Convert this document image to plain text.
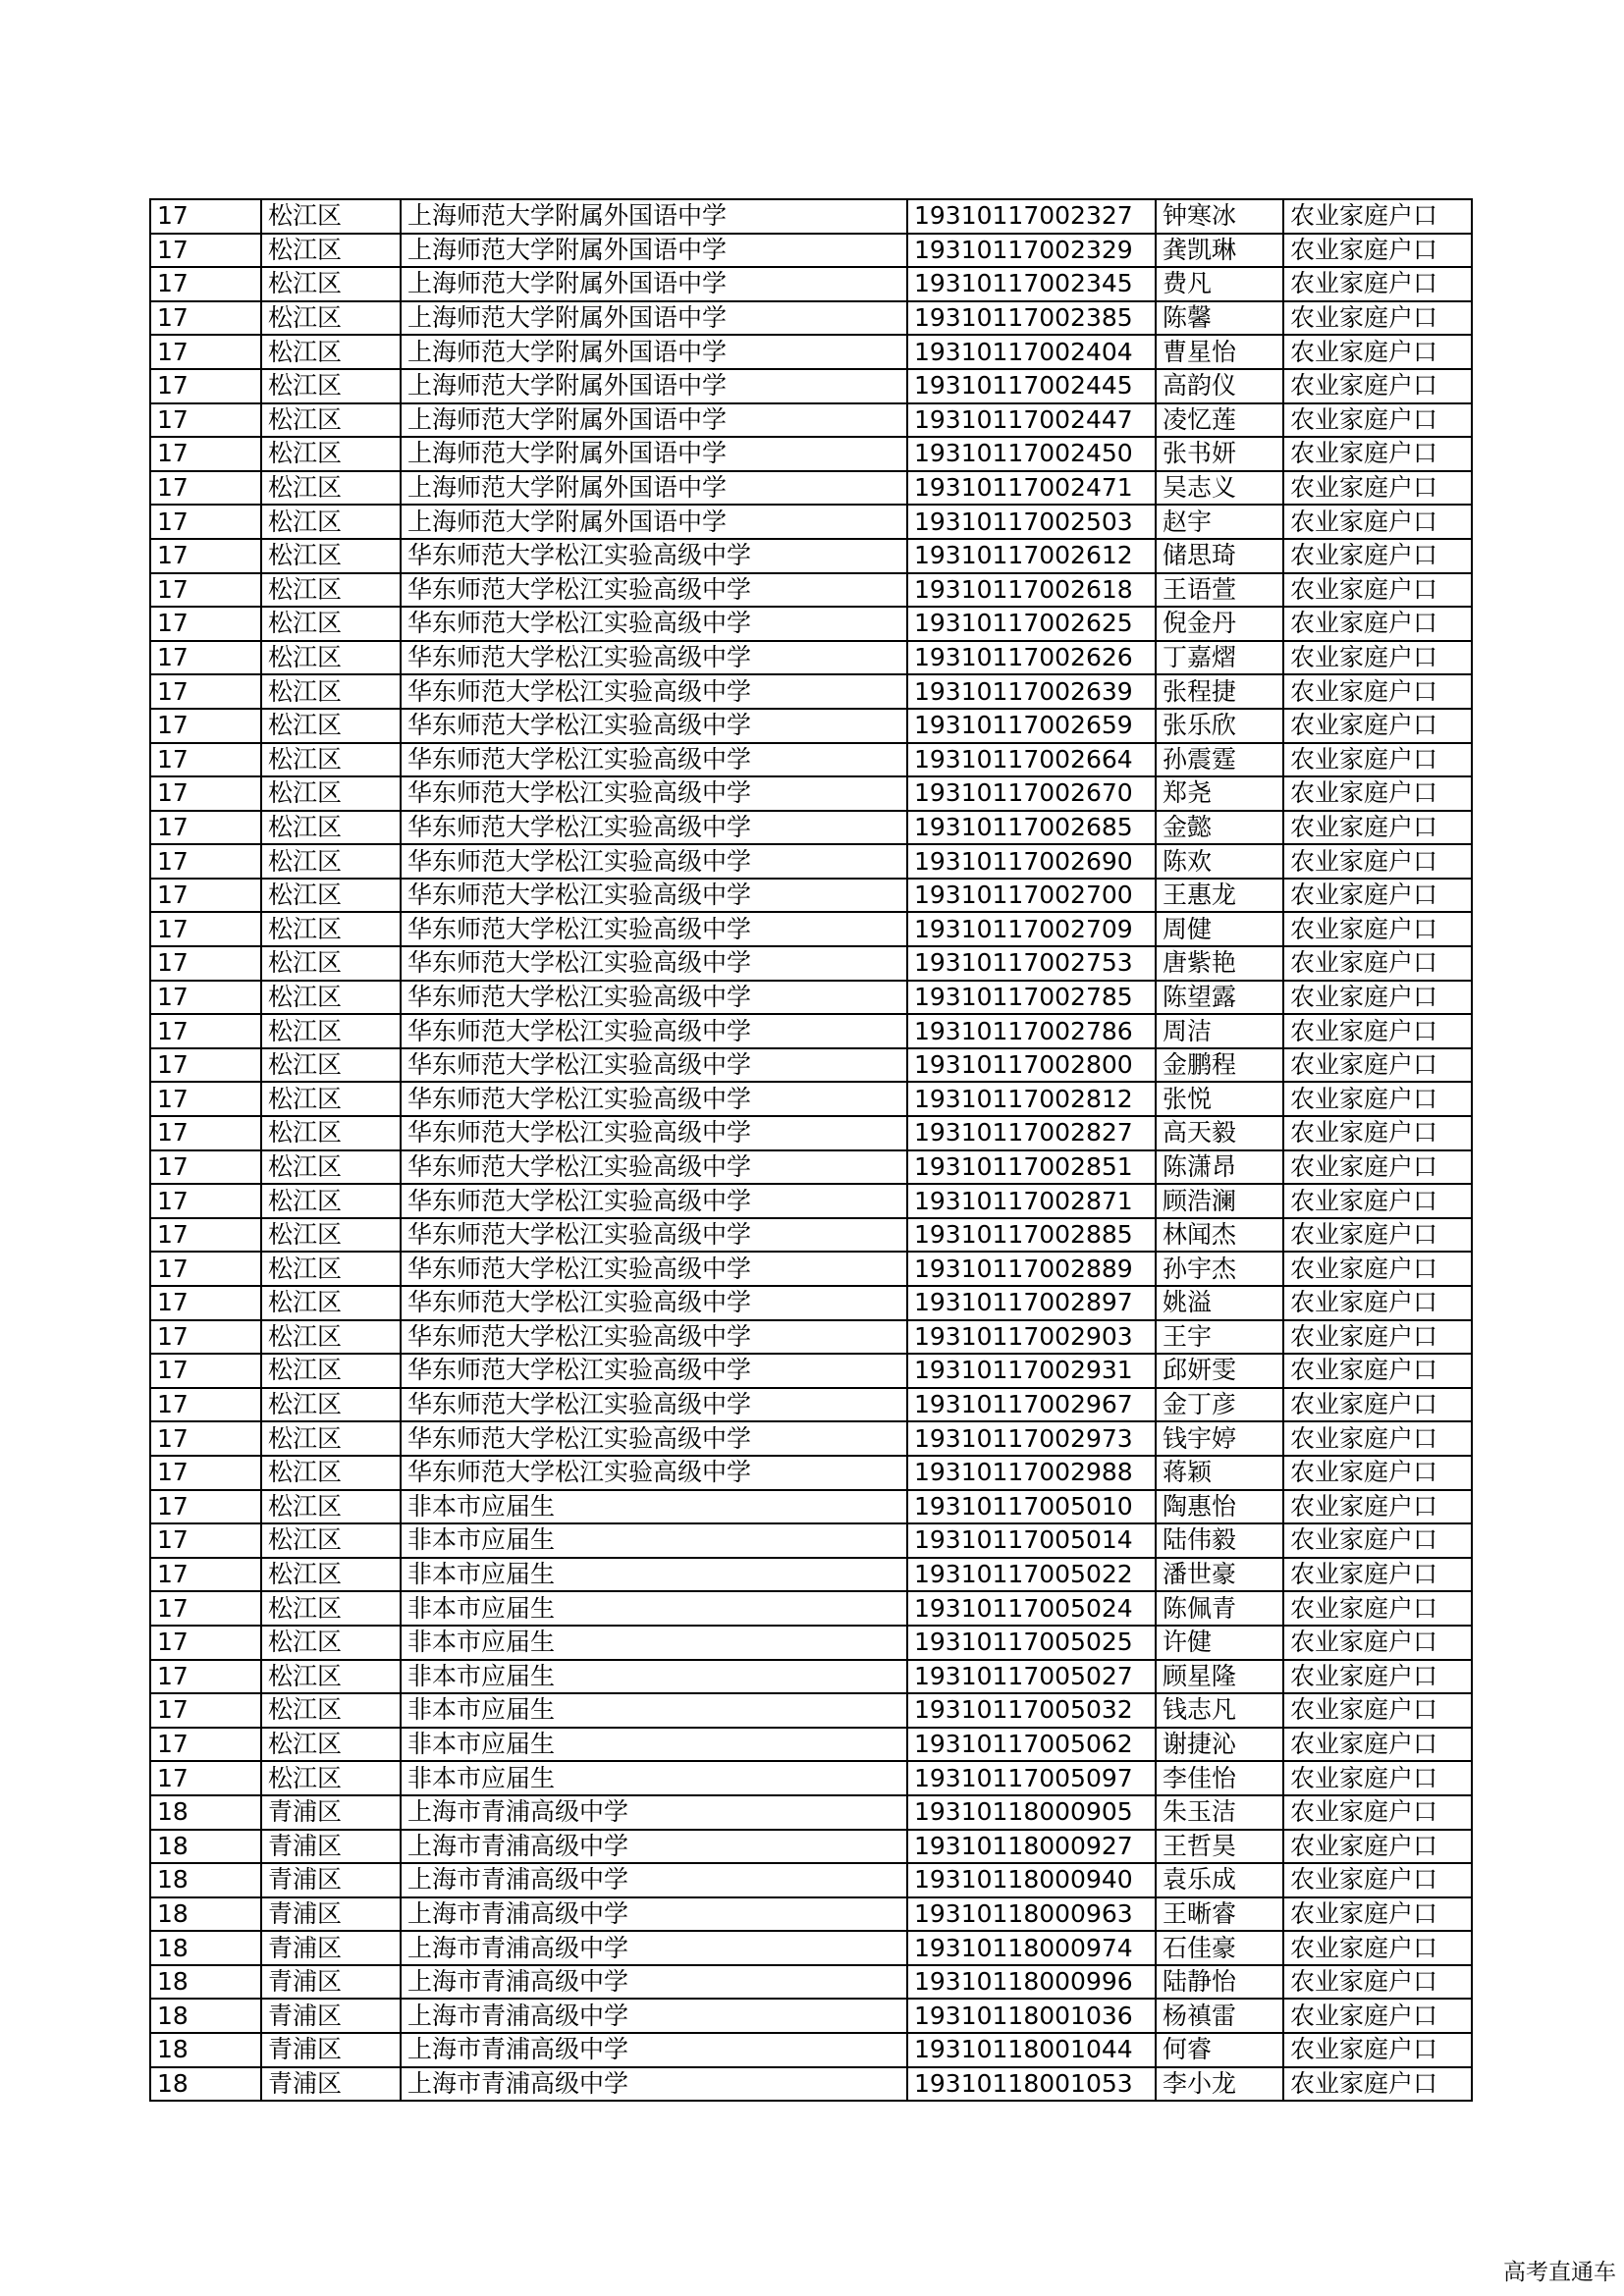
17	松江区	上海师范大学附属外国语中学	19310117002327	钟寒冰	农业家庭户口
17	松江区	上海师范大学附属外国语中学	19310117002329	龚凯琳	农业家庭户口
17	松江区	上海师范大学附属外国语中学	19310117002345	费凡	农业家庭户口
17	松江区	上海师范大学附属外国语中学	19310117002385	陈馨	农业家庭户口
17	松江区	上海师范大学附属外国语中学	19310117002404	曹星怡	农业家庭户口
17	松江区	上海师范大学附属外国语中学	19310117002445	高韵仪	农业家庭户口
17	松江区	上海师范大学附属外国语中学	19310117002447	凌忆莲	农业家庭户口
17	松江区	上海师范大学附属外国语中学	19310117002450	张书妍	农业家庭户口
17	松江区	上海师范大学附属外国语中学	19310117002471	吴志义	农业家庭户口
17	松江区	上海师范大学附属外国语中学	19310117002503	赵宇	农业家庭户口
17	松江区	华东师范大学松江实验高级中学	19310117002612	储思琦	农业家庭户口
17	松江区	华东师范大学松江实验高级中学	19310117002618	王语萱	农业家庭户口
17	松江区	华东师范大学松江实验高级中学	19310117002625	倪金丹	农业家庭户口
17	松江区	华东师范大学松江实验高级中学	19310117002626	丁嘉熠	农业家庭户口
17	松江区	华东师范大学松江实验高级中学	19310117002639	张程捷	农业家庭户口
17	松江区	华东师范大学松江实验高级中学	19310117002659	张乐欣	农业家庭户口
17	松江区	华东师范大学松江实验高级中学	19310117002664	孙震霆	农业家庭户口
17	松江区	华东师范大学松江实验高级中学	19310117002670	郑尧	农业家庭户口
17	松江区	华东师范大学松江实验高级中学	19310117002685	金懿	农业家庭户口
17	松江区	华东师范大学松江实验高级中学	19310117002690	陈欢	农业家庭户口
17	松江区	华东师范大学松江实验高级中学	19310117002700	王惠龙	农业家庭户口
17	松江区	华东师范大学松江实验高级中学	19310117002709	周健	农业家庭户口
17	松江区	华东师范大学松江实验高级中学	19310117002753	唐紫艳	农业家庭户口
17	松江区	华东师范大学松江实验高级中学	19310117002785	陈望露	农业家庭户口
17	松江区	华东师范大学松江实验高级中学	19310117002786	周洁	农业家庭户口
17	松江区	华东师范大学松江实验高级中学	19310117002800	金鹏程	农业家庭户口
17	松江区	华东师范大学松江实验高级中学	19310117002812	张悦	农业家庭户口
17	松江区	华东师范大学松江实验高级中学	19310117002827	高天毅	农业家庭户口
17	松江区	华东师范大学松江实验高级中学	19310117002851	陈潇昂	农业家庭户口
17	松江区	华东师范大学松江实验高级中学	19310117002871	顾浩澜	农业家庭户口
17	松江区	华东师范大学松江实验高级中学	19310117002885	林闻杰	农业家庭户口
17	松江区	华东师范大学松江实验高级中学	19310117002889	孙宇杰	农业家庭户口
17	松江区	华东师范大学松江实验高级中学	19310117002897	姚溢	农业家庭户口
17	松江区	华东师范大学松江实验高级中学	19310117002903	王宇	农业家庭户口
17	松江区	华东师范大学松江实验高级中学	19310117002931	邱妍雯	农业家庭户口
17	松江区	华东师范大学松江实验高级中学	19310117002967	金丁彦	农业家庭户口
17	松江区	华东师范大学松江实验高级中学	19310117002973	钱宇婷	农业家庭户口
17	松江区	华东师范大学松江实验高级中学	19310117002988	蒋颖	农业家庭户口
17	松江区	非本市应届生	19310117005010	陶惠怡	农业家庭户口
17	松江区	非本市应届生	19310117005014	陆伟毅	农业家庭户口
17	松江区	非本市应届生	19310117005022	潘世豪	农业家庭户口
17	松江区	非本市应届生	19310117005024	陈佩青	农业家庭户口
17	松江区	非本市应届生	19310117005025	许健	农业家庭户口
17	松江区	非本市应届生	19310117005027	顾星隆	农业家庭户口
17	松江区	非本市应届生	19310117005032	钱志凡	农业家庭户口
17	松江区	非本市应届生	19310117005062	谢捷沁	农业家庭户口
17	松江区	非本市应届生	19310117005097	李佳怡	农业家庭户口
18	青浦区	上海市青浦高级中学	19310118000905	朱玉洁	农业家庭户口
18	青浦区	上海市青浦高级中学	19310118000927	王哲昊	农业家庭户口
18	青浦区	上海市青浦高级中学	19310118000940	袁乐成	农业家庭户口
18	青浦区	上海市青浦高级中学	19310118000963	王晰睿	农业家庭户口
18	青浦区	上海市青浦高级中学	19310118000974	石佳豪	农业家庭户口
18	青浦区	上海市青浦高级中学	19310118000996	陆静怡	农业家庭户口
18	青浦区	上海市青浦高级中学	19310118001036	杨禛雷	农业家庭户口
18	青浦区	上海市青浦高级中学	19310118001044	何睿	农业家庭户口
18	青浦区	上海市青浦高级中学	19310118001053	李小龙	农业家庭户口
高考直通车
